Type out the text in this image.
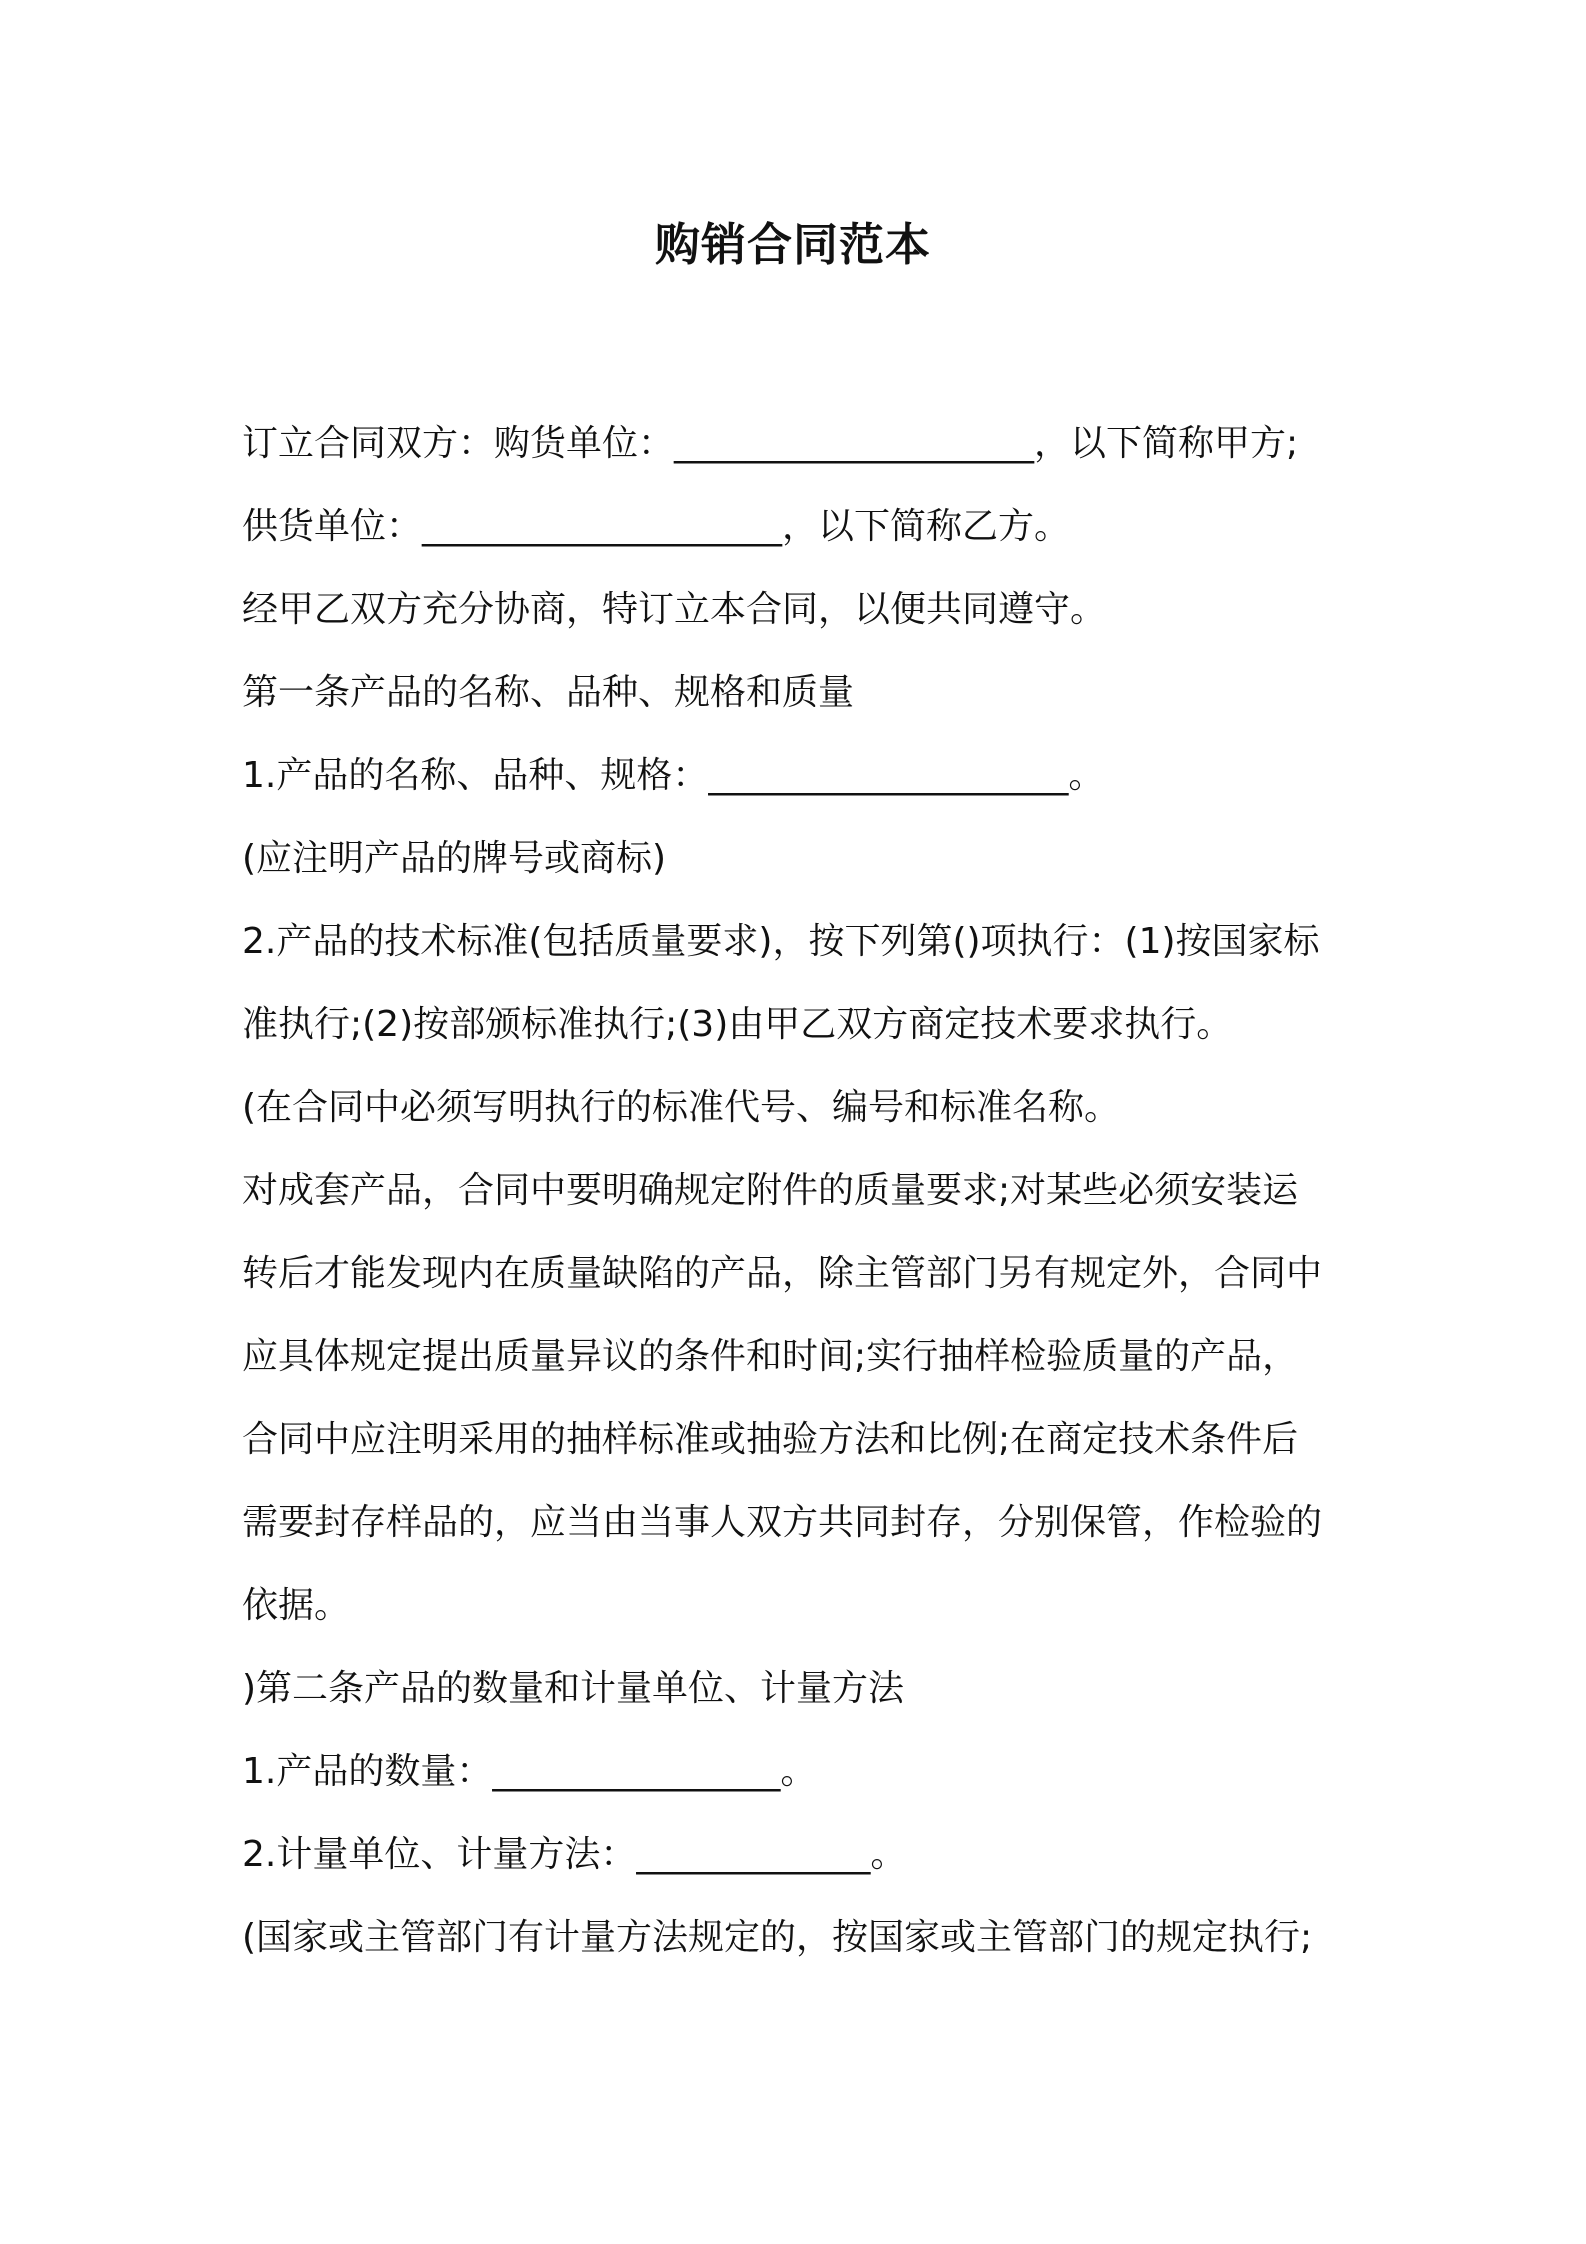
购销合同范本
订立合同双方：购货单位：____________________，以下简称甲方;
供货单位：____________________，以下简称乙方。
经甲乙双方充分协商，特订立本合同，以便共同遵守。
第一条产品的名称、品种、规格和质量
1.产品的名称、品种、规格：____________________。
(应注明产品的牌号或商标)
2.产品的技术标准(包括质量要求)，按下列第()项执行：(1)按国家标
准执行;(2)按部颁标准执行;(3)由甲乙双方商定技术要求执行。
(在合同中必须写明执行的标准代号、编号和标准名称。
对成套产品，合同中要明确规定附件的质量要求;对某些必须安装运
转后才能发现内在质量缺陷的产品，除主管部门另有规定外，合同中
应具体规定提出质量异议的条件和时间;实行抽样检验质量的产品，
合同中应注明采用的抽样标准或抽验方法和比例;在商定技术条件后
需要封存样品的，应当由当事人双方共同封存，分别保管，作检验的
依据。
)第二条产品的数量和计量单位、计量方法
1.产品的数量：________________。
2.计量单位、计量方法：_____________。
(国家或主管部门有计量方法规定的，按国家或主管部门的规定执行;
